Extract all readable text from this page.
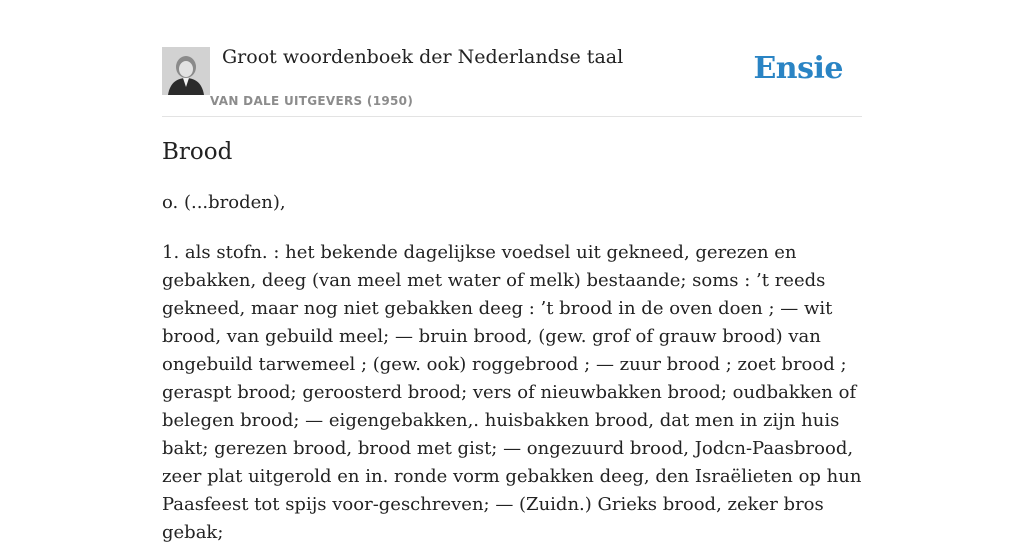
Groot woordenboek der Nederlandse taal
VAN DALE UITGEVERS (1950)
Ensie
Brood

o. (...broden),

1. als stofn. : het bekende dagelijkse voedsel uit gekneed, gerezen en gebakken, deeg (van meel met water of melk) bestaande; soms : ’t reeds gekneed, maar nog niet gebakken deeg : ’t brood in de oven doen ; — wit brood, van gebuild meel; — bruin brood, (gew. grof of grauw brood) van ongebuild tarwemeel ; (gew. ook) roggebrood ; — zuur brood ; zoet brood ; geraspt brood; geroosterd brood; vers of nieuwbakken brood; oudbakken of belegen brood; — eigengebakken,. huisbakken brood, dat men in zijn huis bakt; gerezen brood, brood met gist; — ongezuurd brood, Jodcn-Paasbrood, zeer plat uitgerold en in. ronde vorm gebakken deeg, den Israëlieten op hun Paasfeest tot spijs voor-geschreven; — (Zuidn.) Grieks brood, zeker bros gebak;
